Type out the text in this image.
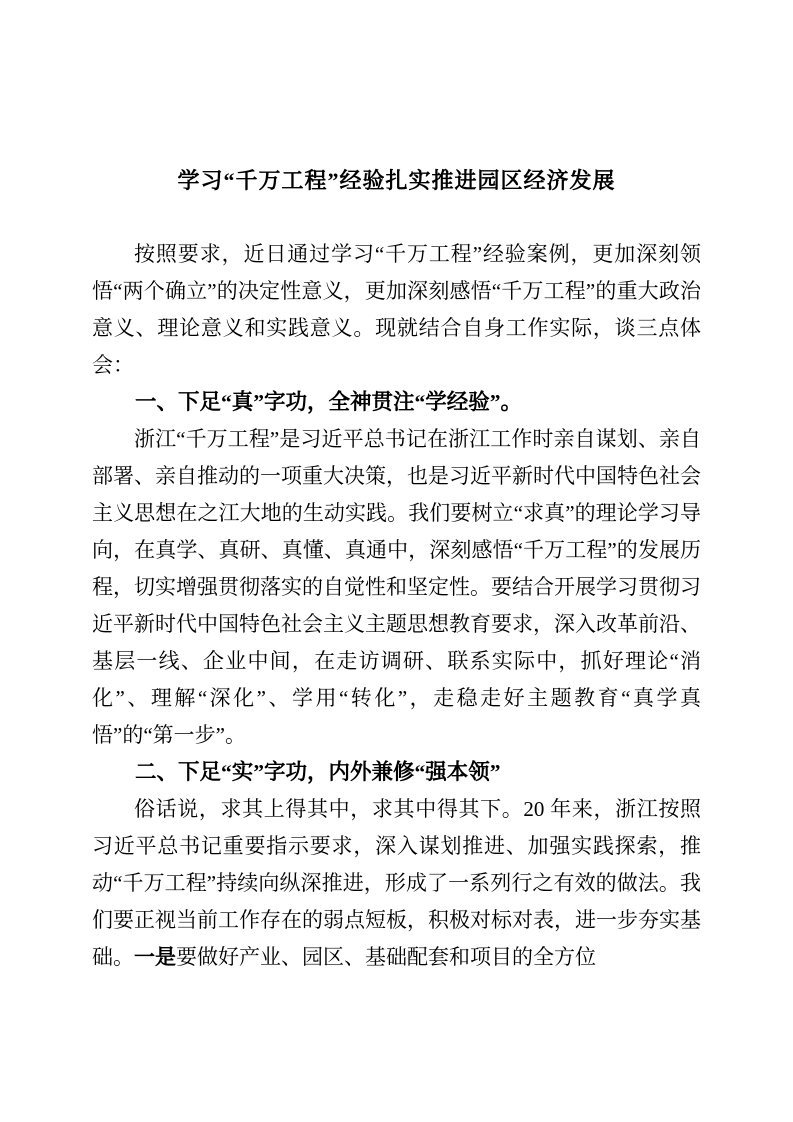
学习“千万工程”经验扎实推进园区经济发展

按照要求，近日通过学习“千万工程”经验案例，更加深刻领悟“两个确立”的决定性意义，更加深刻感悟“千万工程”的重大政治意义、理论意义和实践意义。现就结合自身工作实际，谈三点体会：

一、下足“真”字功，全神贯注“学经验”。

浙江“千万工程”是习近平总书记在浙江工作时亲自谋划、亲自部署、亲自推动的一项重大决策，也是习近平新时代中国特色社会主义思想在之江大地的生动实践。我们要树立“求真”的理论学习导向，在真学、真研、真懂、真通中，深刻感悟“千万工程”的发展历程，切实增强贯彻落实的自觉性和坚定性。要结合开展学习贯彻习近平新时代中国特色社会主义主题思想教育要求，深入改革前沿、基层一线、企业中间，在走访调研、联系实际中，抓好理论“消化”、理解“深化”、学用“转化”，走稳走好主题教育“真学真悟”的“第一步”。

二、下足“实”字功，内外兼修“强本领”

俗话说，求其上得其中，求其中得其下。20 年来，浙江按照习近平总书记重要指示要求，深入谋划推进、加强实践探索，推动“千万工程”持续向纵深推进，形成了一系列行之有效的做法。我们要正视当前工作存在的弱点短板，积极对标对表，进一步夯实基础。一是要做好产业、园区、基础配套和项目的全方位
